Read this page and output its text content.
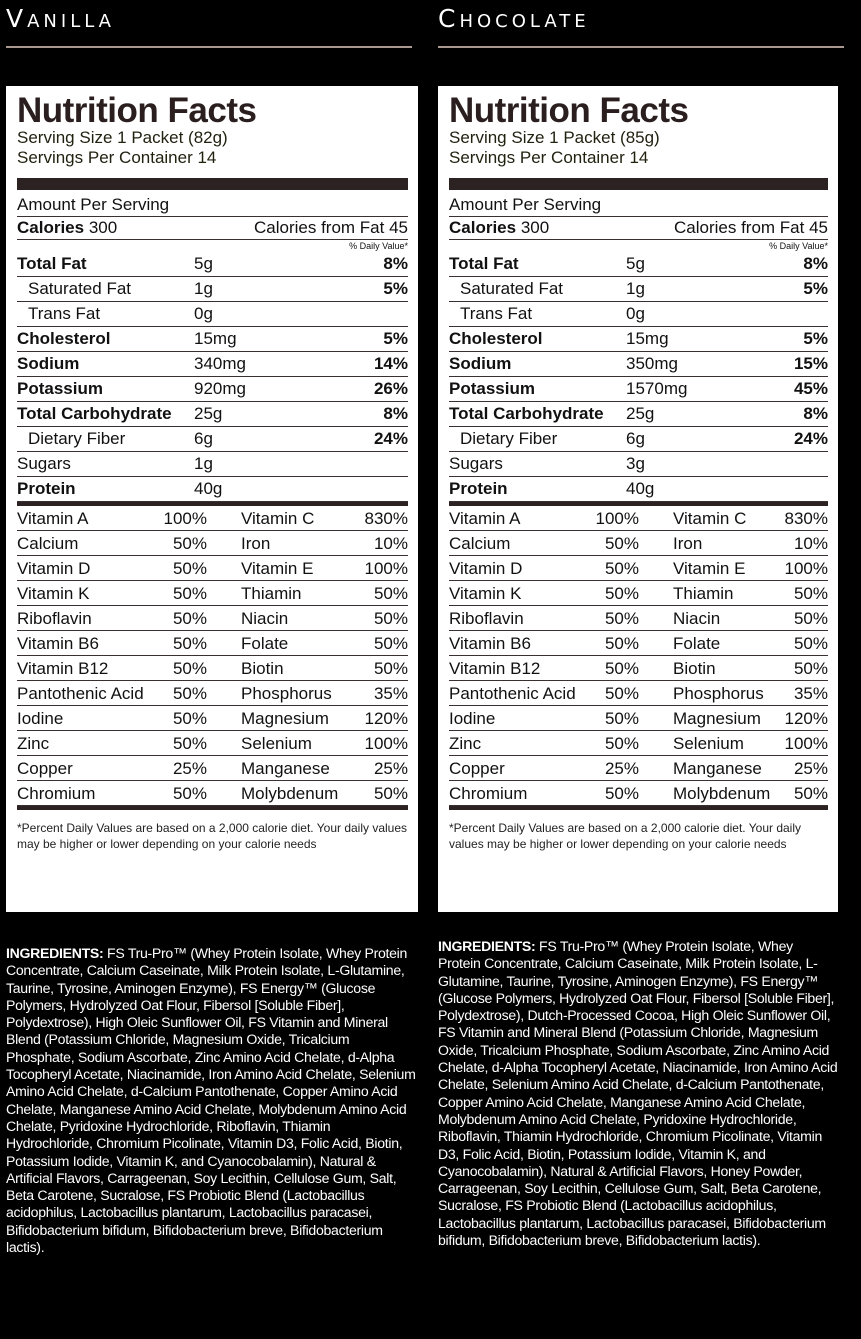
Vanilla
Nutrition Facts
Serving Size 1 Packet (82g)
Servings Per Container 14
Amount Per Serving
Calories 300	Calories from Fat 45
% Daily Value*
Total Fat	5g	8%
Saturated Fat	1g	5%
Trans Fat	0g
Cholesterol	15mg	5%
Sodium	340mg	14%
Potassium	920mg	26%
Total Carbohydrate	25g	8%
Dietary Fiber	6g	24%
Sugars	1g
Protein	40g
Vitamin A	100%	Vitamin C	830%
Calcium	50%	Iron	10%
Vitamin D	50%	Vitamin E	100%
Vitamin K	50%	Thiamin	50%
Riboflavin	50%	Niacin	50%
Vitamin B6	50%	Folate	50%
Vitamin B12	50%	Biotin	50%
Pantothenic Acid	50%	Phosphorus	35%
Iodine	50%	Magnesium	120%
Zinc	50%	Selenium	100%
Copper	25%	Manganese	25%
Chromium	50%	Molybdenum	50%
*Percent Daily Values are based on a 2,000 calorie diet. Your daily values may be higher or lower depending on your calorie needs
INGREDIENTS: FS Tru-Pro™ (Whey Protein Isolate, Whey Protein Concentrate, Calcium Caseinate, Milk Protein Isolate, L-Glutamine, Taurine, Tyrosine, Aminogen Enzyme), FS Energy™ (Glucose Polymers, Hydrolyzed Oat Flour, Fibersol [Soluble Fiber], Polydextrose), High Oleic Sunflower Oil, FS Vitamin and Mineral Blend (Potassium Chloride, Magnesium Oxide, Tricalcium Phosphate, Sodium Ascorbate, Zinc Amino Acid Chelate, d-Alpha Tocopheryl Acetate, Niacinamide, Iron Amino Acid Chelate, Selenium Amino Acid Chelate, d-Calcium Pantothenate, Copper Amino Acid Chelate, Manganese Amino Acid Chelate, Molybdenum Amino Acid Chelate, Pyridoxine Hydrochloride, Riboflavin, Thiamin Hydrochloride, Chromium Picolinate, Vitamin D3, Folic Acid, Biotin, Potassium Iodide, Vitamin K, and Cyanocobalamin), Natural & Artificial Flavors, Carrageenan, Soy Lecithin, Cellulose Gum, Salt, Beta Carotene, Sucralose, FS Probiotic Blend (Lactobacillus acidophilus, Lactobacillus plantarum, Lactobacillus paracasei, Bifidobacterium bifidum, Bifidobacterium breve, Bifidobacterium lactis).
Chocolate
Nutrition Facts
Serving Size 1 Packet (85g)
Servings Per Container 14
Amount Per Serving
Calories 300	Calories from Fat 45
% Daily Value*
Total Fat	5g	8%
Saturated Fat	1g	5%
Trans Fat	0g
Cholesterol	15mg	5%
Sodium	350mg	15%
Potassium	1570mg	45%
Total Carbohydrate	25g	8%
Dietary Fiber	6g	24%
Sugars	3g
Protein	40g
Vitamin A	100%	Vitamin C	830%
Calcium	50%	Iron	10%
Vitamin D	50%	Vitamin E	100%
Vitamin K	50%	Thiamin	50%
Riboflavin	50%	Niacin	50%
Vitamin B6	50%	Folate	50%
Vitamin B12	50%	Biotin	50%
Pantothenic Acid	50%	Phosphorus	35%
Iodine	50%	Magnesium	120%
Zinc	50%	Selenium	100%
Copper	25%	Manganese	25%
Chromium	50%	Molybdenum	50%
*Percent Daily Values are based on a 2,000 calorie diet. Your daily values may be higher or lower depending on your calorie needs
INGREDIENTS: FS Tru-Pro™ (Whey Protein Isolate, Whey Protein Concentrate, Calcium Caseinate, Milk Protein Isolate, L-Glutamine, Taurine, Tyrosine, Aminogen Enzyme), FS Energy™ (Glucose Polymers, Hydrolyzed Oat Flour, Fibersol [Soluble Fiber], Polydextrose), Dutch-Processed Cocoa, High Oleic Sunflower Oil, FS Vitamin and Mineral Blend (Potassium Chloride, Magnesium Oxide, Tricalcium Phosphate, Sodium Ascorbate, Zinc Amino Acid Chelate, d-Alpha Tocopheryl Acetate, Niacinamide, Iron Amino Acid Chelate, Selenium Amino Acid Chelate, d-Calcium Pantothenate, Copper Amino Acid Chelate, Manganese Amino Acid Chelate, Molybdenum Amino Acid Chelate, Pyridoxine Hydrochloride, Riboflavin, Thiamin Hydrochloride, Chromium Picolinate, Vitamin D3, Folic Acid, Biotin, Potassium Iodide, Vitamin K, and Cyanocobalamin), Natural & Artificial Flavors, Honey Powder, Carrageenan, Soy Lecithin, Cellulose Gum, Salt, Beta Carotene, Sucralose, FS Probiotic Blend (Lactobacillus acidophilus, Lactobacillus plantarum, Lactobacillus paracasei, Bifidobacterium bifidum, Bifidobacterium breve, Bifidobacterium lactis).
